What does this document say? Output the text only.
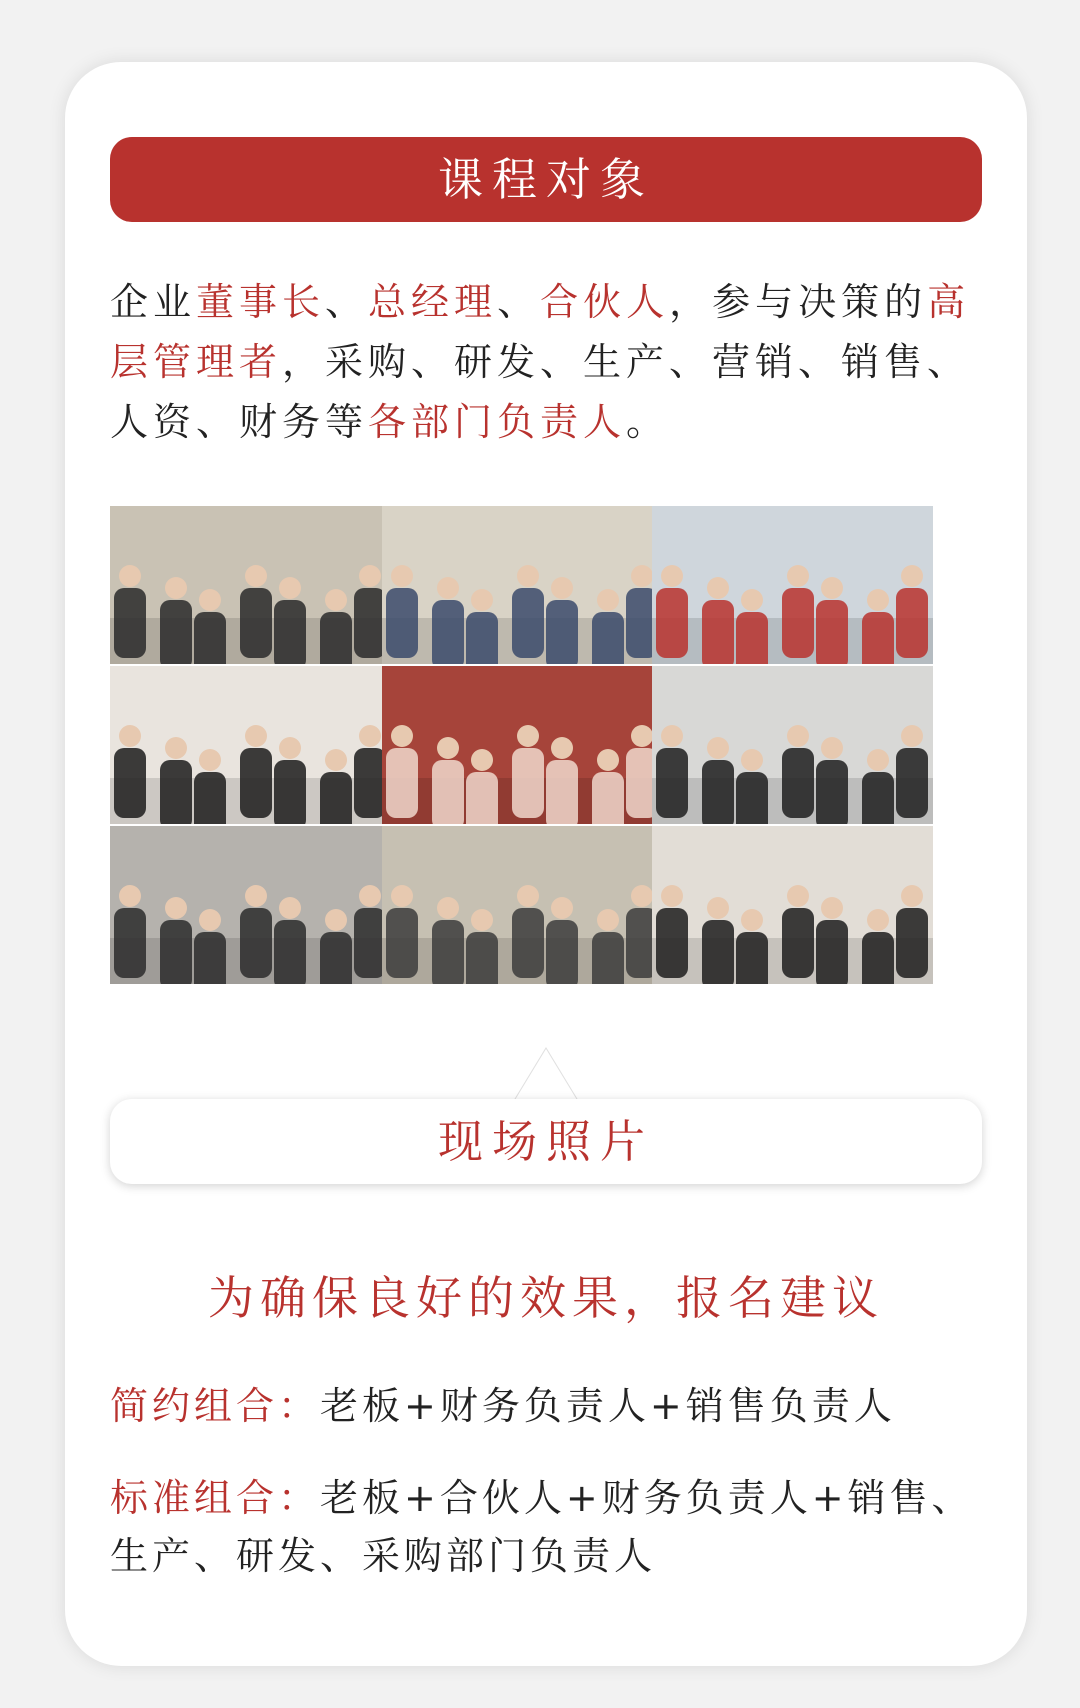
课程对象
企业董事长、总经理、合伙人，参与决策的高层管理者，采购、研发、生产、营销、销售、人资、财务等各部门负责人。
现场照片
为确保良好的效果，报名建议
简约组合：老板+财务负责人+销售负责人
标准组合：老板+合伙人+财务负责人+销售、生产、研发、采购部门负责人
